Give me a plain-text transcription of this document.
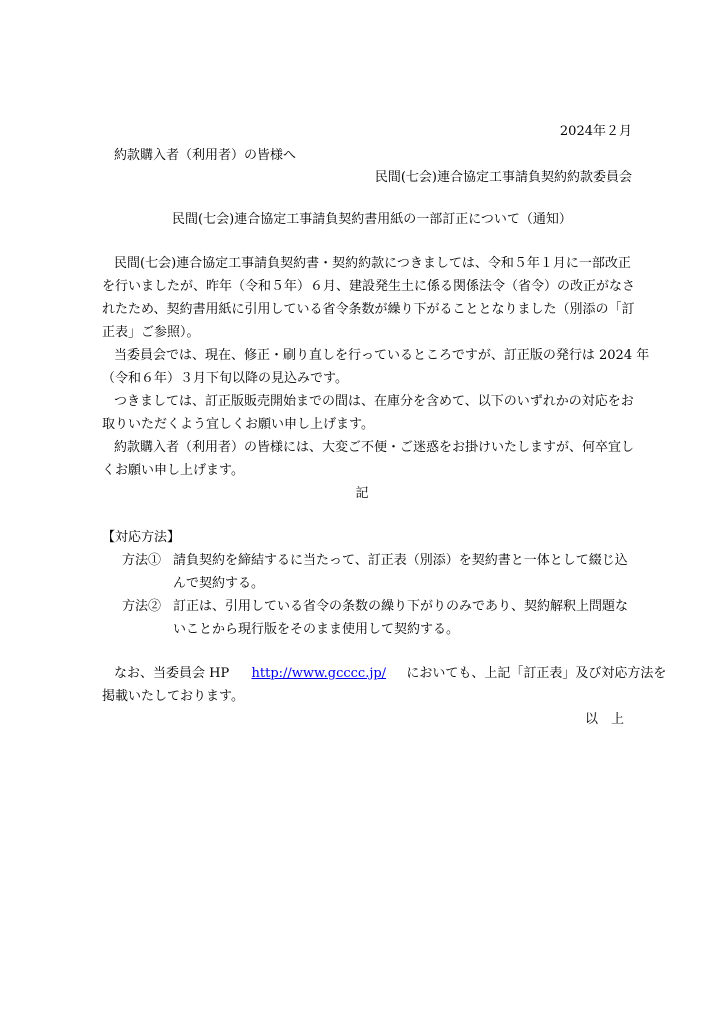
2024年２月
約款購入者（利用者）の皆様へ
民間(七会)連合協定工事請負契約約款委員会
民間(七会)連合協定工事請負契約書用紙の一部訂正について（通知）
民間(七会)連合協定工事請負契約書・契約約款につきましては、令和５年１月に一部改正
を行いましたが、昨年（令和５年）６月、建設発生土に係る関係法令（省令）の改正がなさ
れたため、契約書用紙に引用している省令条数が繰り下がることとなりました（別添の「訂
正表」ご参照）。
当委員会では、現在、修正・刷り直しを行っているところですが、訂正版の発行は 2024 年
（令和６年）３月下旬以降の見込みです。
つきましては、訂正版販売開始までの間は、在庫分を含めて、以下のいずれかの対応をお
取りいただくよう宜しくお願い申し上げます。
約款購入者（利用者）の皆様には、大変ご不便・ご迷惑をお掛けいたしますが、何卒宜し
くお願い申し上げます。
記
【対応方法】
方法① 請負契約を締結するに当たって、訂正表（別添）を契約書と一体として綴じ込
んで契約する。
方法② 訂正は、引用している省令の条数の繰り下がりのみであり、契約解釈上問題な
いことから現行版をそのまま使用して契約する。
なお、当委員会 HP http://www.gcccc.jp/ においても、上記「訂正表」及び対応方法を
掲載いたしております。
以　上
